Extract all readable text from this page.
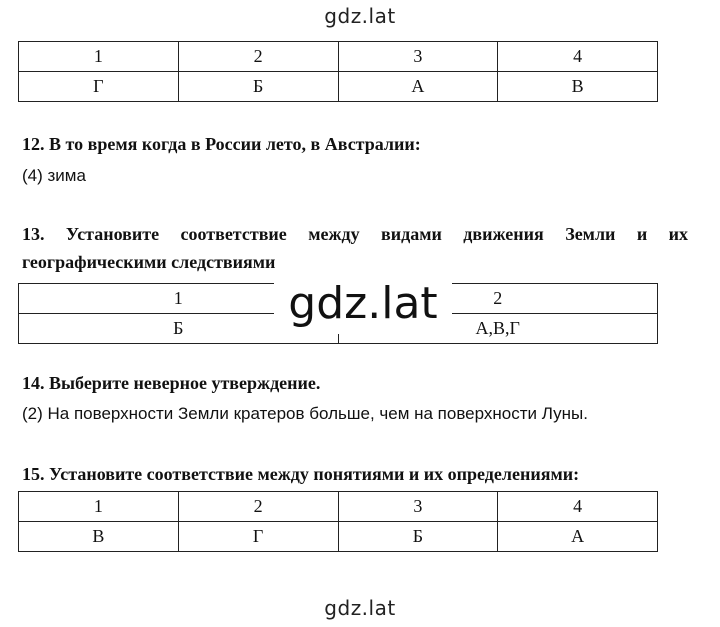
gdz.lat
1	2	3	4
Г	Б	А	В
12. В то время когда в России лето, в Австралии:
(4) зима
13. Установите соответствие между видами движения Земли и их
географическими следствиями
1	2
Б	А,В,Г
gdz.lat
14. Выберите неверное утверждение.
(2) На поверхности Земли кратеров больше, чем на поверхности Луны.
15. Установите соответствие между понятиями и их определениями:
1	2	3	4
В	Г	Б	А
gdz.lat
